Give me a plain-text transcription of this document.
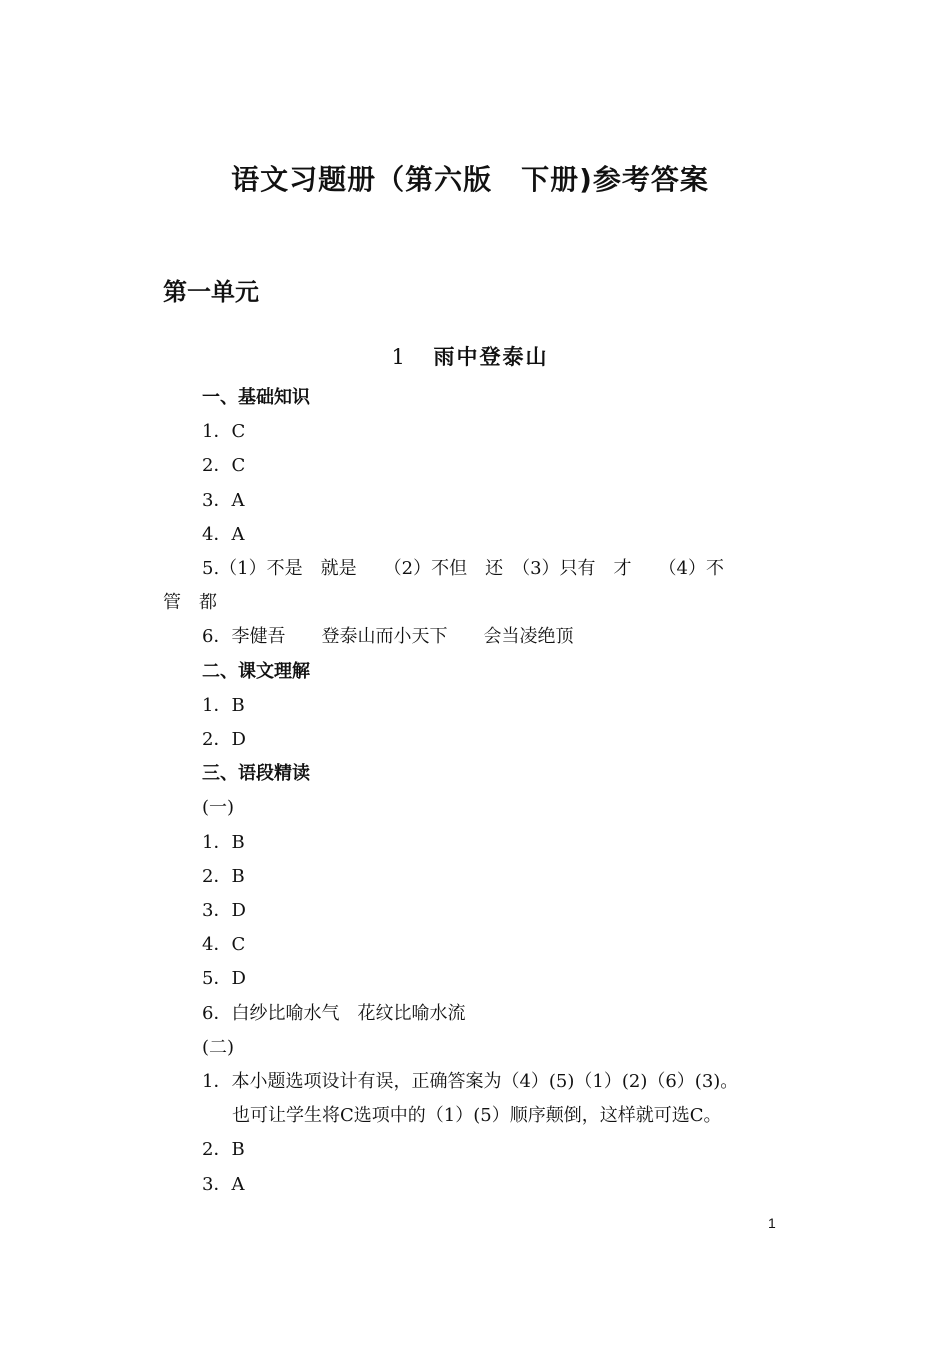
语文习题册（第六版　下册)参考答案
第一单元
1 雨中登泰山
一、基础知识
1．C
2．C
3．A
4．A
5.（1）不是　就是　　（2）不但　还　（3）只有　才　　（4）不
管　都
6．李健吾　　登泰山而小天下　　会当凌绝顶
二、课文理解
1．B
2．D
三、语段精读
(一)
1．B
2．B
3．D
4．C
5．D
6．白纱比喻水气　花纹比喻水流
(二)
1．本小题选项设计有误，正确答案为（4）(5)（1）(2)（6）(3)。
也可让学生将C选项中的（1）(5）顺序颠倒，这样就可选C。
2．B
3．A
1
